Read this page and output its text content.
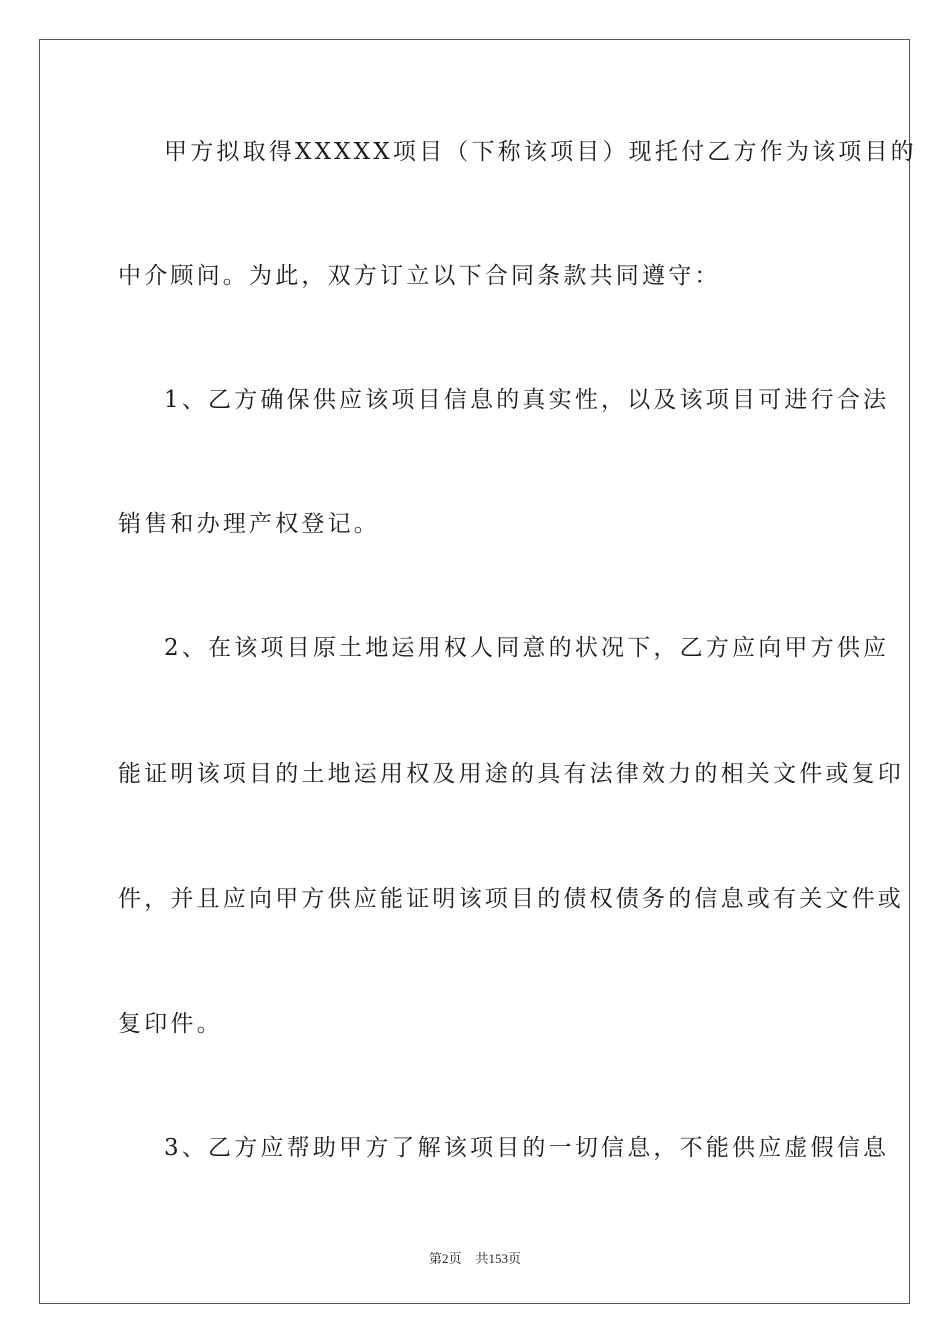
甲方拟取得XXXXX项目（下称该项目）现托付乙方作为该项目的
中介顾问。为此，双方订立以下合同条款共同遵守：
1、乙方确保供应该项目信息的真实性，以及该项目可进行合法
销售和办理产权登记。
2、在该项目原土地运用权人同意的状况下，乙方应向甲方供应
能证明该项目的土地运用权及用途的具有法律效力的相关文件或复印
件，并且应向甲方供应能证明该项目的债权债务的信息或有关文件或
复印件。
3、乙方应帮助甲方了解该项目的一切信息，不能供应虚假信息
第2页 共153页
